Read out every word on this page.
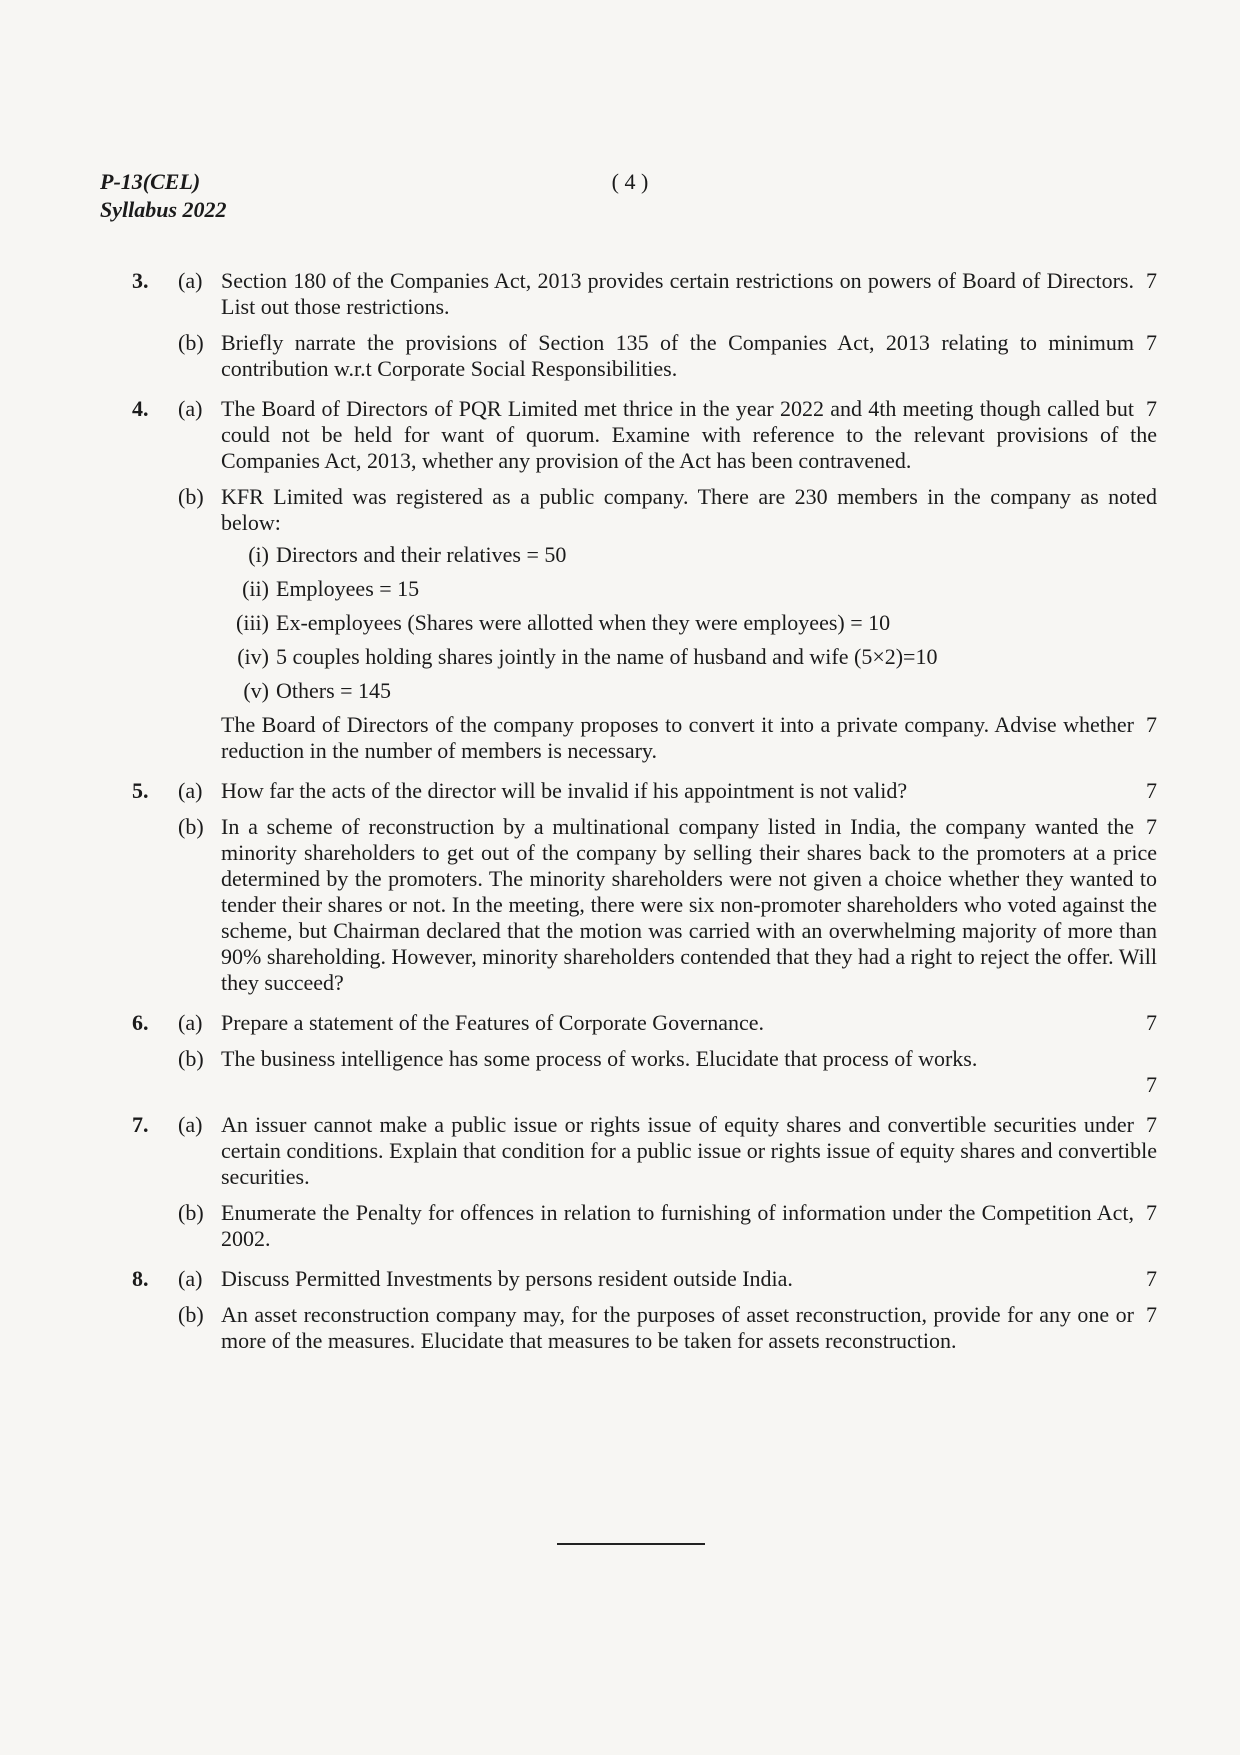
P-13(CEL)
Syllabus 2022
( 4 )
3. (a)	7
Section 180 of the Companies Act, 2013 provides certain restrictions on powers of Board of Directors. List out those restrictions.
(b)	7
Briefly narrate the provisions of Section 135 of the Companies Act, 2013 relating to minimum contribution w.r.t Corporate Social Responsibilities.
4. (a)	7
The Board of Directors of PQR Limited met thrice in the year 2022 and 4th meeting though called but could not be held for want of quorum. Examine with reference to the relevant provisions of the Companies Act, 2013, whether any provision of the Act has been contravened.
(b) KFR Limited was registered as a public company. There are 230 members in the company as noted below:
(i) Directors and their relatives = 50
(ii) Employees = 15
(iii) Ex-employees (Shares were allotted when they were employees) = 10
(iv) 5 couples holding shares jointly in the name of husband and wife (5×2)=10
(v) Others = 145
7
The Board of Directors of the company proposes to convert it into a private company. Advise whether reduction in the number of members is necessary.
5. (a)	7
How far the acts of the director will be invalid if his appointment is not valid?
(b)	7
In a scheme of reconstruction by a multinational company listed in India, the company wanted the minority shareholders to get out of the company by selling their shares back to the promoters at a price determined by the promoters. The minority shareholders were not given a choice whether they wanted to tender their shares or not. In the meeting, there were six non-promoter shareholders who voted against the scheme, but Chairman declared that the motion was carried with an overwhelming majority of more than 90% shareholding. However, minority shareholders contended that they had a right to reject the offer. Will they succeed?
6. (a)	7
Prepare a statement of the Features of Corporate Governance.
(b) The business intelligence has some process of works. Elucidate that process of works.
7
7. (a)	7
An issuer cannot make a public issue or rights issue of equity shares and convertible securities under certain conditions. Explain that condition for a public issue or rights issue of equity shares and convertible securities.
(b)	7
Enumerate the Penalty for offences in relation to furnishing of information under the Competition Act, 2002.
8. (a)	7
Discuss Permitted Investments by persons resident outside India.
(b)	7
An asset reconstruction company may, for the purposes of asset reconstruction, provide for any one or more of the measures. Elucidate that measures to be taken for assets reconstruction.
